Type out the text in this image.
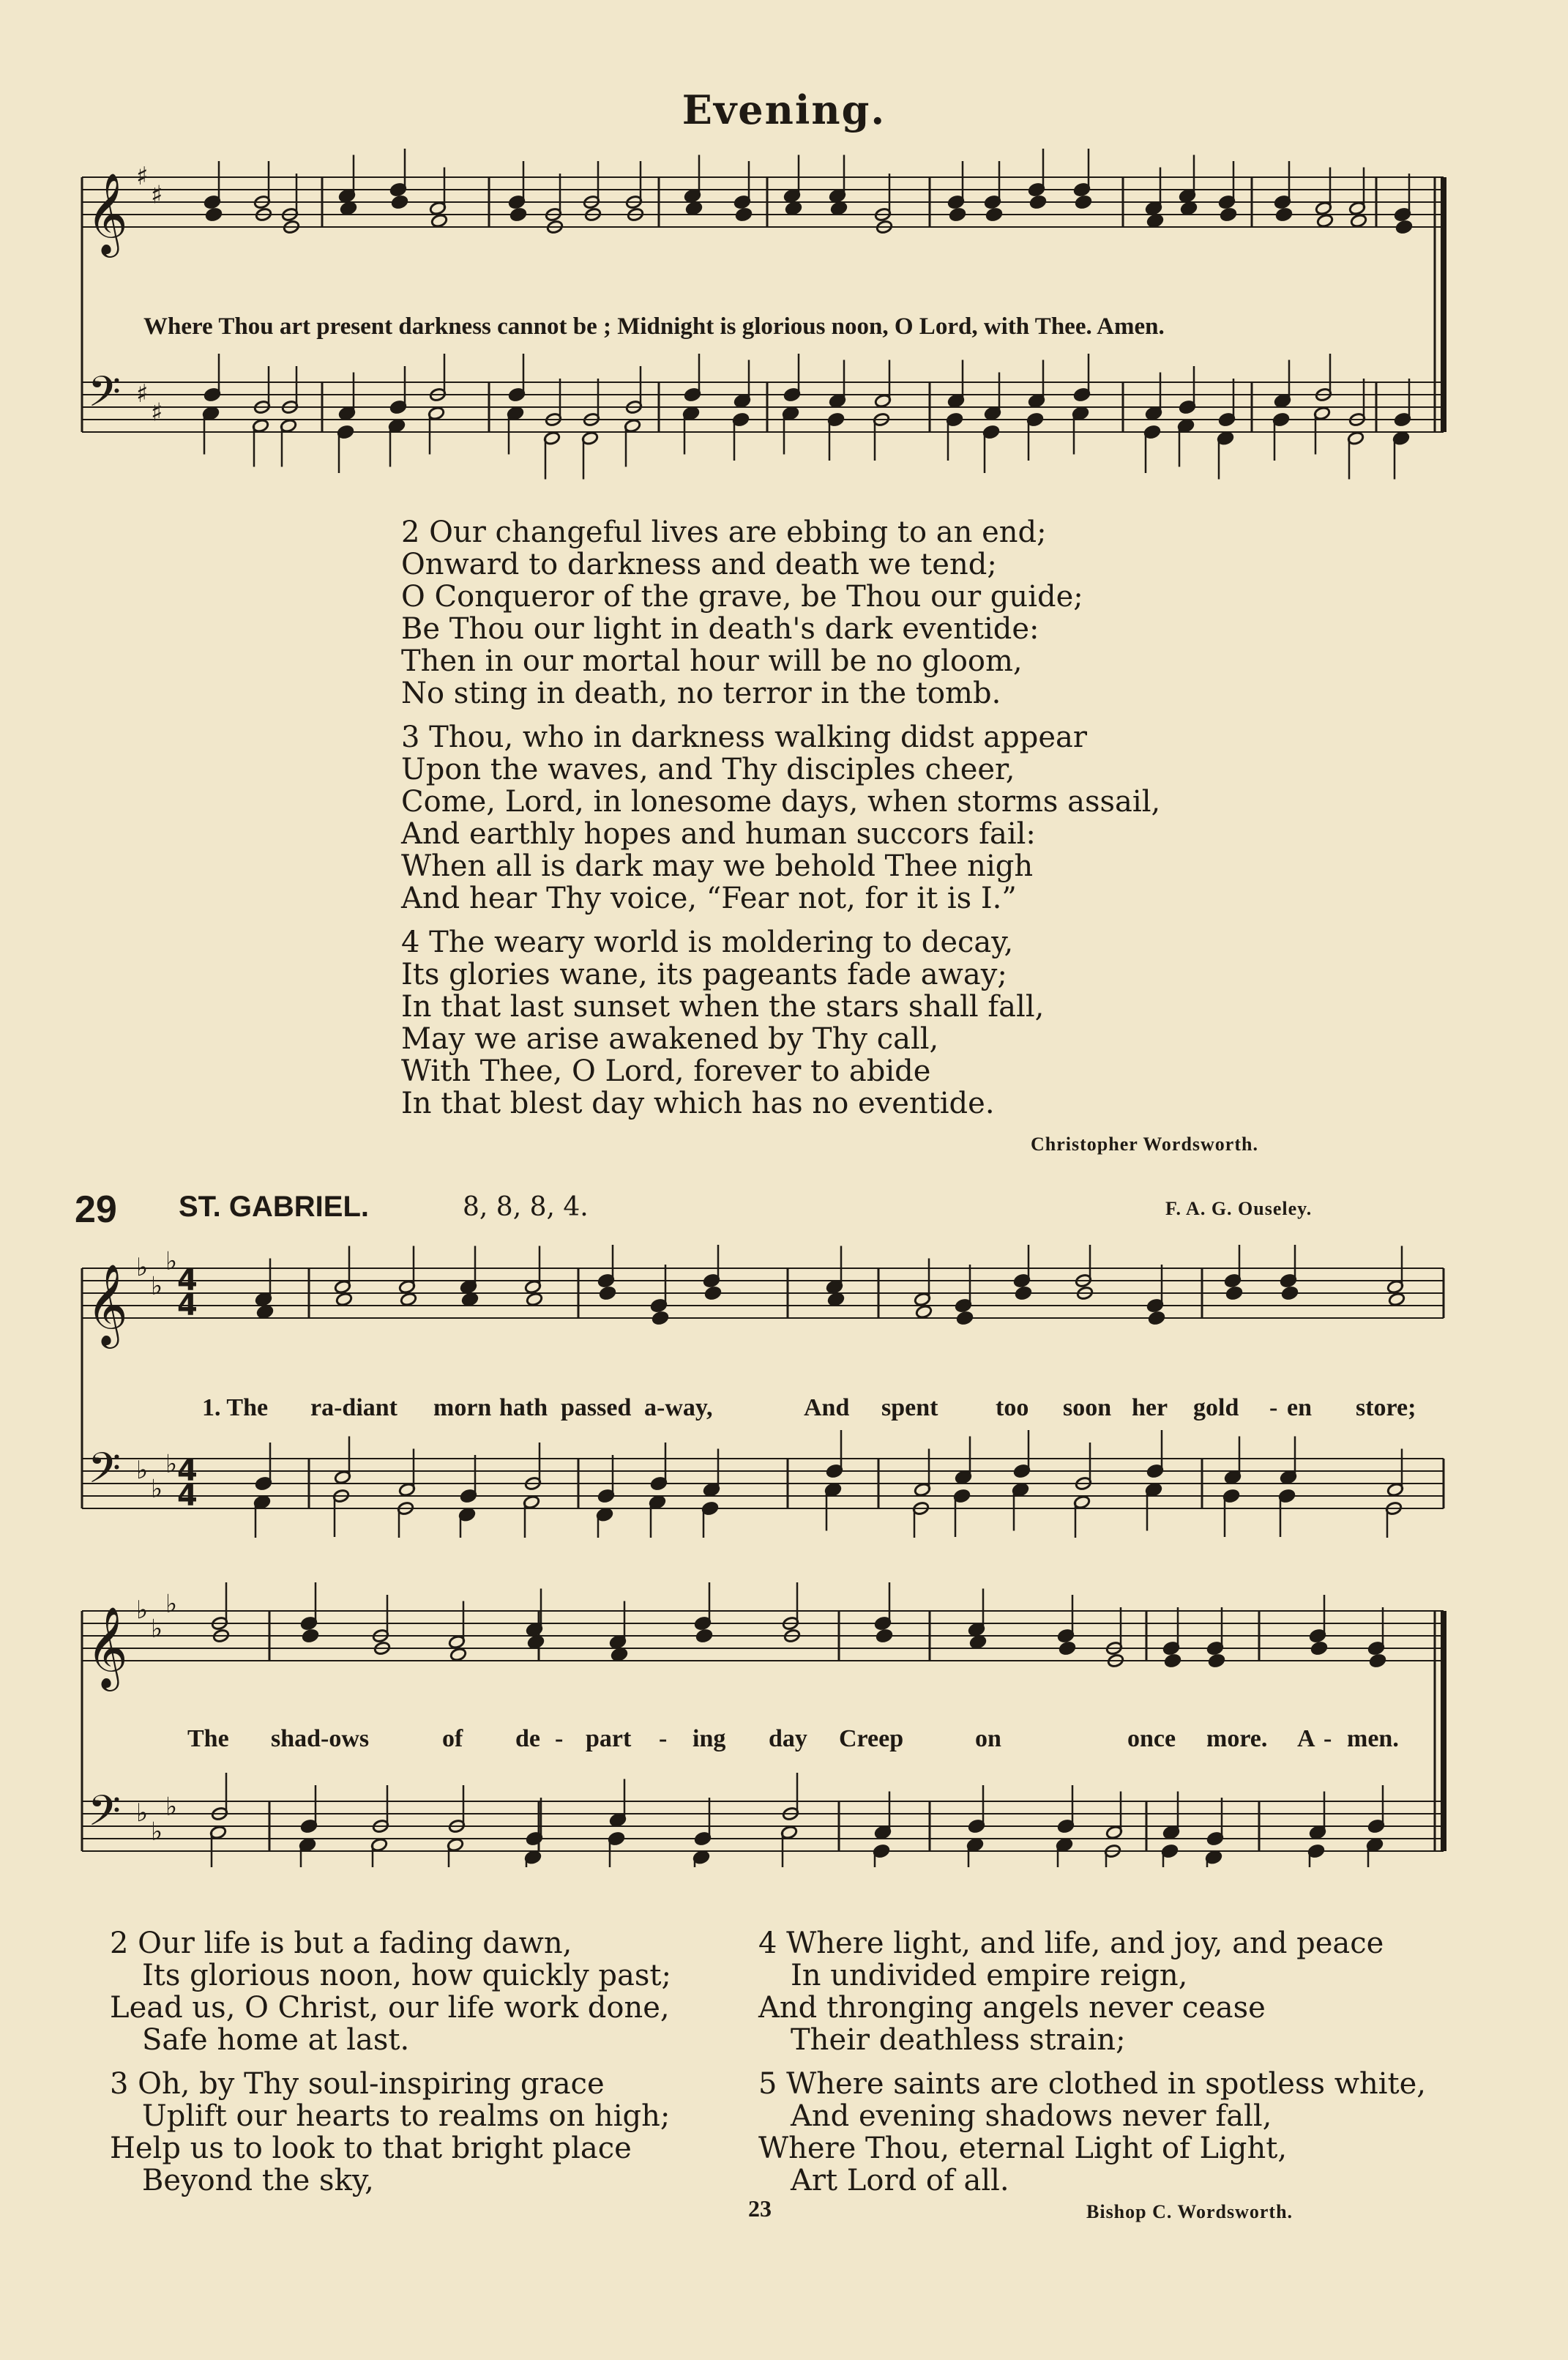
Evening.
𝄞
𝄢
♯
♯
♯
♯
Where Thou art present darkness cannot be ; Midnight is glorious noon, O Lord, with Thee. Amen.
2 Our changeful lives are ebbing to an end;
Onward to darkness and death we tend;
O Conqueror of the grave, be Thou our guide;
Be Thou our light in death's dark eventide:
Then in our mortal hour will be no gloom,
No sting in death, no terror in the tomb.
3 Thou, who in darkness walking didst appear
Upon the waves, and Thy disciples cheer,
Come, Lord, in lonesome days, when storms assail,
And earthly hopes and human succors fail:
When all is dark may we behold Thee nigh
And hear Thy voice, “Fear not, for it is I.”
4 The weary world is moldering to decay,
Its glories wane, its pageants fade away;
In that last sunset when the stars shall fall,
May we arise awakened by Thy call,
With Thee, O Lord, forever to abide
In that blest day which has no eventide.
Christopher Wordsworth.
29 ST. GABRIEL.	8, 8, 8, 4.	F. A. G. Ouseley.
𝄞
𝄢
♭
♭
♭
♭
♭
♭
4
4
4
4
1. The ra-diant morn hath passed a-way,	And spent too soon her gold - en store;
𝄞
𝄢
♭
♭
♭
♭
♭
♭
The shad-ows	of de - part - ing day Creep	on	once more. A - men.
2 Our life is but a fading dawn,
Its glorious noon, how quickly past;
Lead us, O Christ, our life work done,
Safe home at last.
3 Oh, by Thy soul-inspiring grace
Uplift our hearts to realms on high;
Help us to look to that bright place
Beyond the sky,
4 Where light, and life, and joy, and peace
In undivided empire reign,
And thronging angels never cease
Their deathless strain;
5 Where saints are clothed in spotless white,
And evening shadows never fall,
Where Thou, eternal Light of Light,
Art Lord of all.
23	Bishop C. Wordsworth.
